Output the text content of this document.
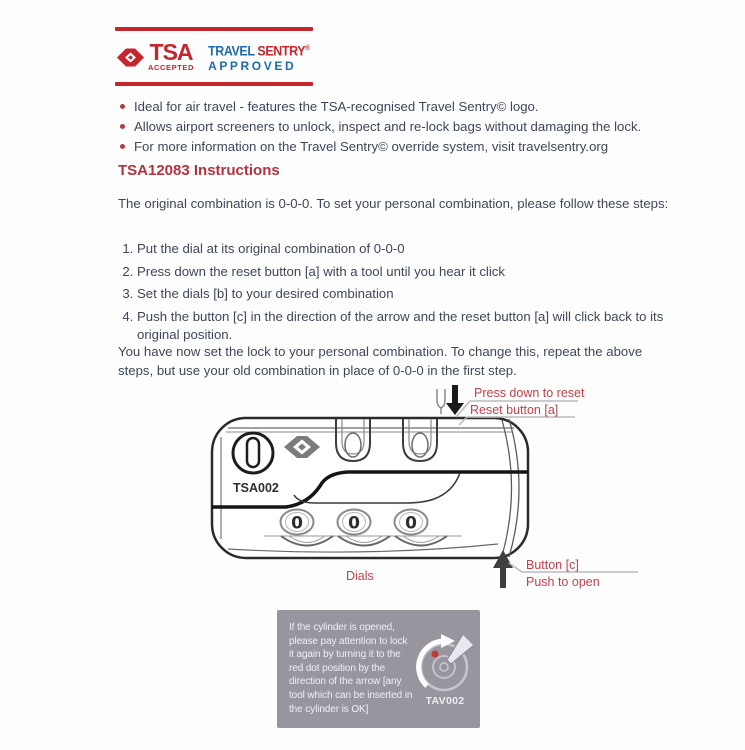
TSA
ACCEPTED
TRAVEL SENTRY®
APPROVED
Ideal for air travel - features the TSA-recognised Travel Sentry© logo.
Allows airport screeners to unlock, inspect and re-lock bags without damaging the lock.
For more information on the Travel Sentry© override system, visit travelsentry.org
TSA12083 Instructions

The original combination is 0-0-0. To set your personal combination, please follow these steps:

1. Put the dial at its original combination of 0-0-0
2. Press down the reset button [a] with a tool until you hear it click
3. Set the dials [b] to your desired combination
4. Push the button [c] in the direction of the arrow and the reset button [a] will click back to its original position.

You have now set the lock to your personal combination. To change this, repeat the above steps, but use your old combination in place of 0-0-0 in the first step.

TSA002
0	0	0
Press down to reset
Reset button [a]
Button [c]
Push to open
Dials
If the cylinder is opened, please pay attention to lock it again by turning it to the red dot position by the direction of the arrow [any tool which can be inserted in the cylinder is OK]
TAV002
